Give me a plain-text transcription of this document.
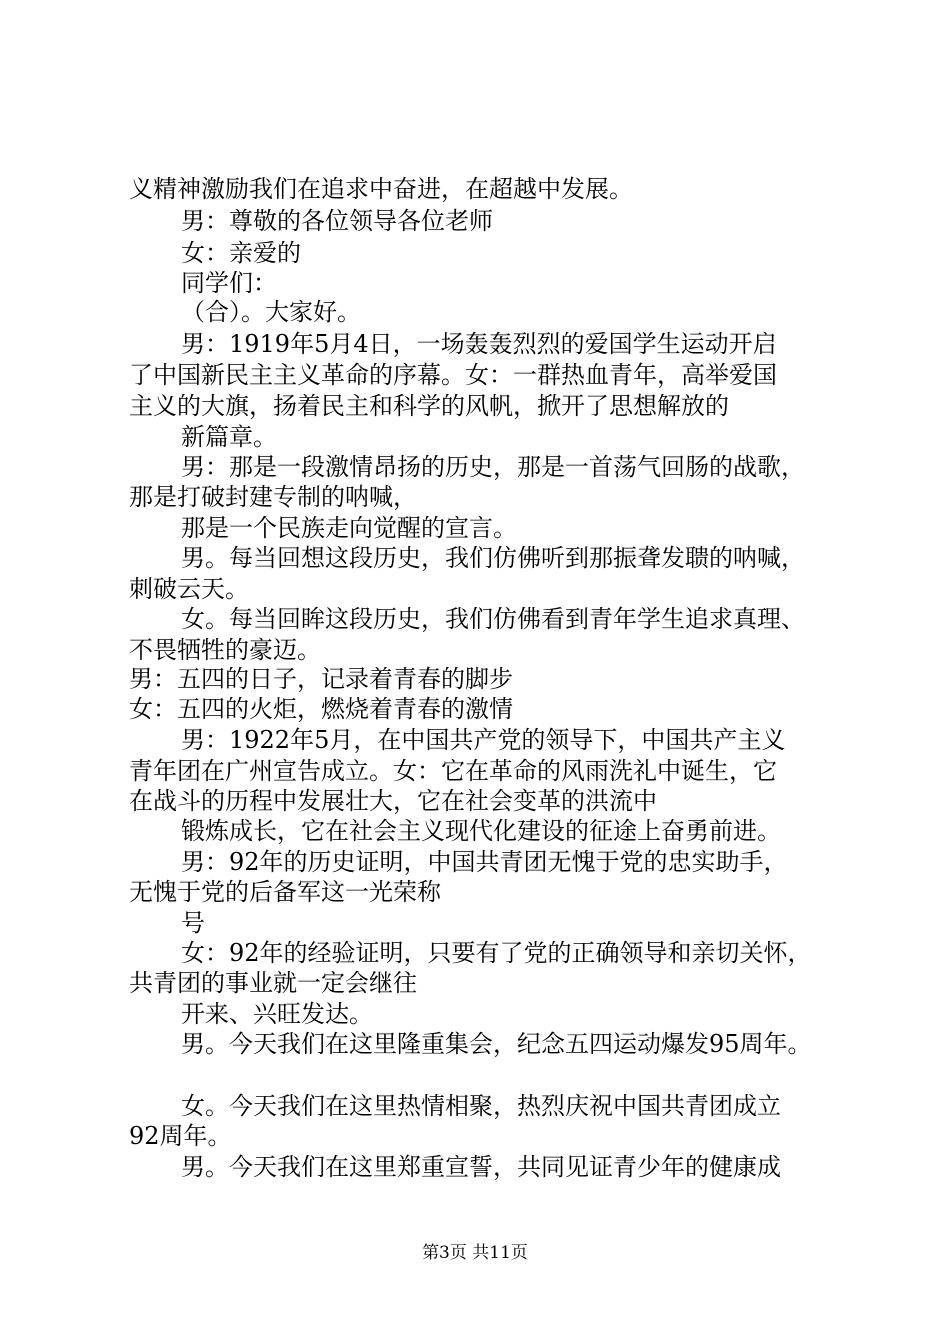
义精神激励我们在追求中奋进，在超越中发展。
男：尊敬的各位领导各位老师
女：亲爱的
同学们：
（合）。大家好。
男：1919年5月4日，一场轰轰烈烈的爱国学生运动开启
了中国新民主主义革命的序幕。女：一群热血青年，高举爱国
主义的大旗，扬着民主和科学的风帆，掀开了思想解放的
新篇章。
男：那是一段激情昂扬的历史，那是一首荡气回肠的战歌，
那是打破封建专制的呐喊，
那是一个民族走向觉醒的宣言。
男。每当回想这段历史，我们仿佛听到那振聋发聩的呐喊，
刺破云天。
女。每当回眸这段历史，我们仿佛看到青年学生追求真理、
不畏牺牲的豪迈。
男：五四的日子，记录着青春的脚步
女：五四的火炬，燃烧着青春的激情
男：1922年5月，在中国共产党的领导下，中国共产主义
青年团在广州宣告成立。女：它在革命的风雨洗礼中诞生，它
在战斗的历程中发展壮大，它在社会变革的洪流中
锻炼成长，它在社会主义现代化建设的征途上奋勇前进。
男：92年的历史证明，中国共青团无愧于党的忠实助手，
无愧于党的后备军这一光荣称
号
女：92年的经验证明，只要有了党的正确领导和亲切关怀，
共青团的事业就一定会继往
开来、兴旺发达。
男。今天我们在这里隆重集会，纪念五四运动爆发95周年。
女。今天我们在这里热情相聚，热烈庆祝中国共青团成立
92周年。
男。今天我们在这里郑重宣誓，共同见证青少年的健康成
第3页 共11页
